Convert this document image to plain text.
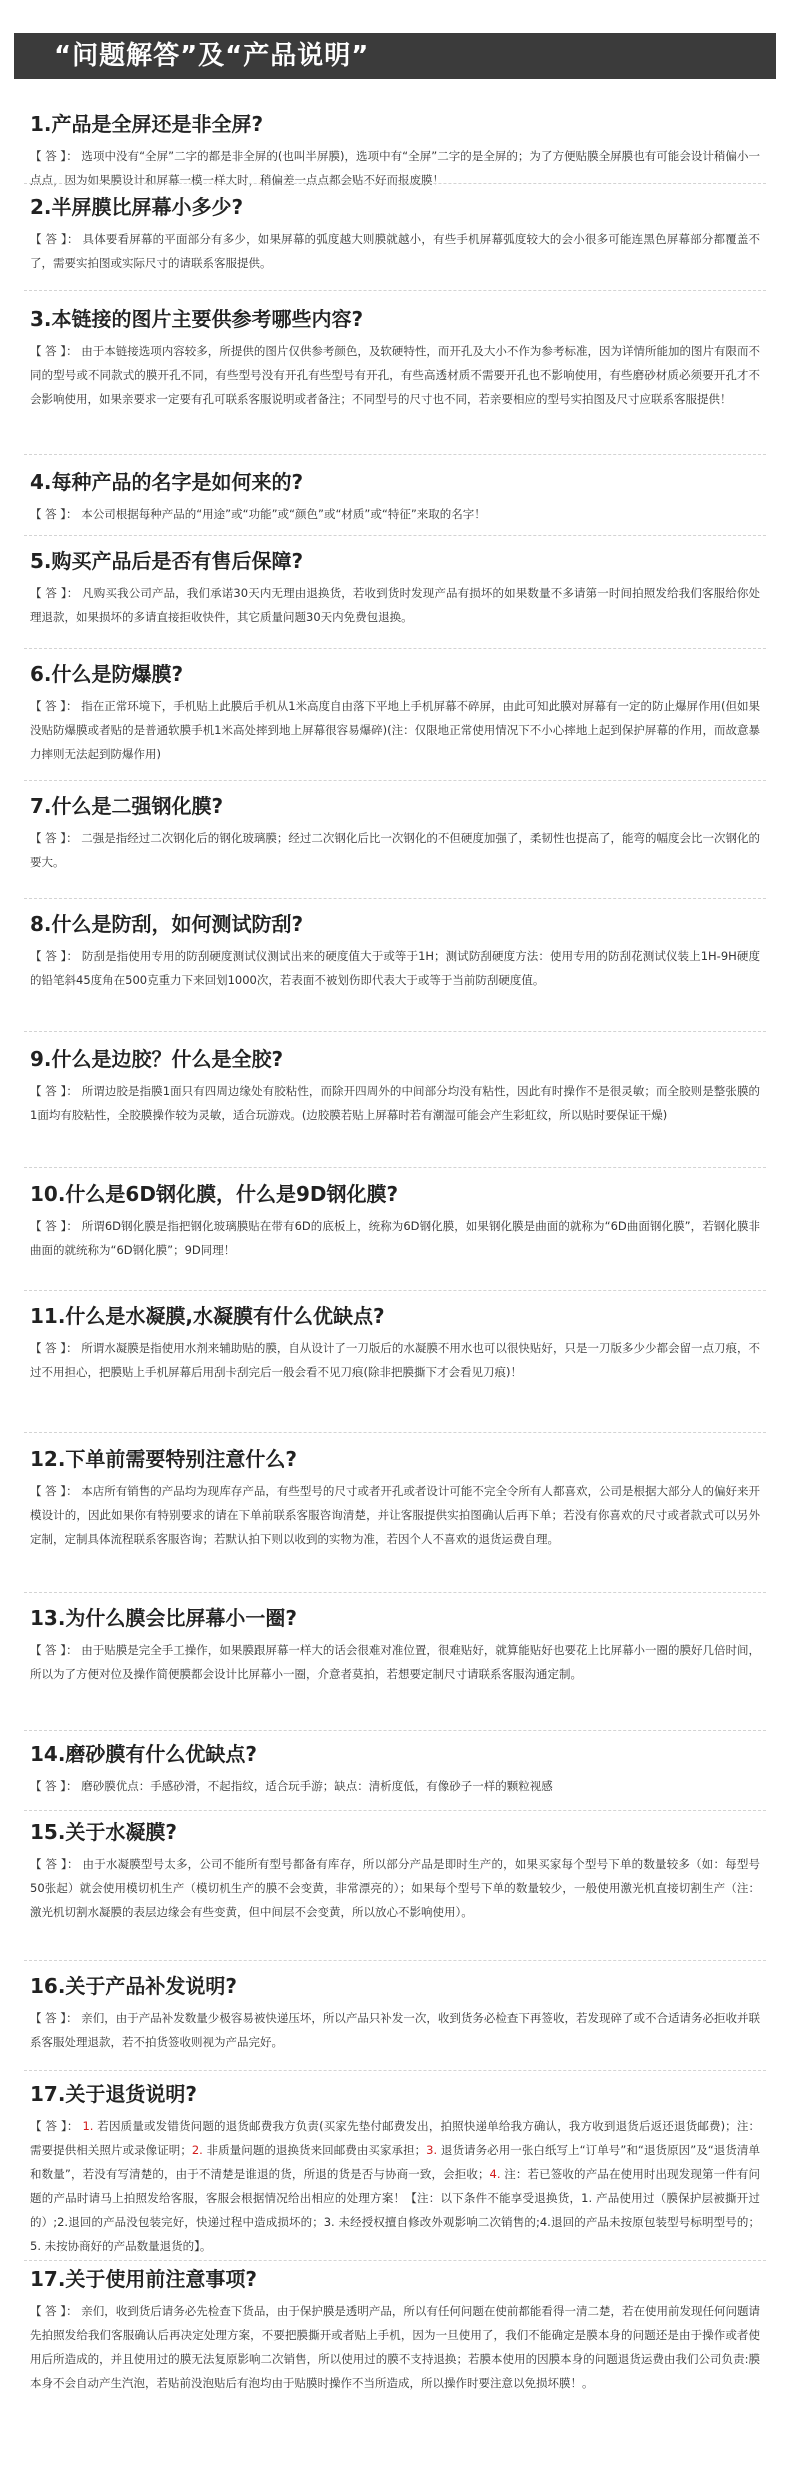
“问题解答”及“产品说明”
1.产品是全屏还是非全屏?

【 答 】： 选项中没有“全屏”二字的都是非全屏的(也叫半屏膜)，选项中有“全屏”二字的是全屏的；为了方便贴膜全屏膜也有可能会设计稍偏小一点点，因为如果膜设计和屏幕一模一样大时，稍偏差一点点都会贴不好而报废膜！

2.半屏膜比屏幕小多少?

【 答 】： 具体要看屏幕的平面部分有多少，如果屏幕的弧度越大则膜就越小，有些手机屏幕弧度较大的会小很多可能连黑色屏幕部分都覆盖不了，需要实拍图或实际尺寸的请联系客服提供。

3.本链接的图片主要供参考哪些内容?

【 答 】： 由于本链接选项内容较多，所提供的图片仅供参考颜色，及软硬特性，而开孔及大小不作为参考标准，因为详情所能加的图片有限而不同的型号或不同款式的膜开孔不同，有些型号没有开孔有些型号有开孔，有些高透材质不需要开孔也不影响使用，有些磨砂材质必须要开孔才不会影响使用，如果亲要求一定要有孔可联系客服说明或者备注；不同型号的尺寸也不同，若亲要相应的型号实拍图及尺寸应联系客服提供！

4.每种产品的名字是如何来的?

【 答 】： 本公司根据每种产品的“用途”或“功能”或“颜色”或“材质”或“特征”来取的名字！

5.购买产品后是否有售后保障?

【 答 】： 凡购买我公司产品，我们承诺30天内无理由退换货，若收到货时发现产品有损坏的如果数量不多请第一时间拍照发给我们客服给你处理退款，如果损坏的多请直接拒收快件，其它质量问题30天内免费包退换。

6.什么是防爆膜?

【 答 】： 指在正常环境下，手机贴上此膜后手机从1米高度自由落下平地上手机屏幕不碎屏，由此可知此膜对屏幕有一定的防止爆屏作用(但如果没贴防爆膜或者贴的是普通软膜手机1米高处摔到地上屏幕很容易爆碎)(注：仅限地正常使用情况下不小心摔地上起到保护屏幕的作用，而故意暴力摔则无法起到防爆作用)

7.什么是二强钢化膜?

【 答 】： 二强是指经过二次钢化后的钢化玻璃膜；经过二次钢化后比一次钢化的不但硬度加强了，柔韧性也提高了，能弯的幅度会比一次钢化的要大。

8.什么是防刮，如何测试防刮?

【 答 】： 防刮是指使用专用的防刮硬度测试仪测试出来的硬度值大于或等于1H；测试防刮硬度方法：使用专用的防刮花测试仪装上1H-9H硬度的铅笔斜45度角在500克重力下来回划1000次，若表面不被划伤即代表大于或等于当前防刮硬度值。

9.什么是边胶？什么是全胶?

【 答 】： 所谓边胶是指膜1面只有四周边缘处有胶粘性，而除开四周外的中间部分均没有粘性，因此有时操作不是很灵敏；而全胶则是整张膜的1面均有胶粘性，全胶膜操作较为灵敏，适合玩游戏。(边胶膜若贴上屏幕时若有潮湿可能会产生彩虹纹，所以贴时要保证干燥)

10.什么是6D钢化膜，什么是9D钢化膜?

【 答 】： 所谓6D钢化膜是指把钢化玻璃膜贴在带有6D的底板上，统称为6D钢化膜，如果钢化膜是曲面的就称为“6D曲面钢化膜”，若钢化膜非曲面的就统称为“6D钢化膜”；9D同理！

11.什么是水凝膜,水凝膜有什么优缺点?

【 答 】： 所谓水凝膜是指使用水剂来辅助贴的膜，自从设计了一刀版后的水凝膜不用水也可以很快贴好，只是一刀版多少少都会留一点刀痕，不过不用担心，把膜贴上手机屏幕后用刮卡刮完后一般会看不见刀痕(除非把膜撕下才会看见刀痕)！

12.下单前需要特别注意什么?

【 答 】： 本店所有销售的产品均为现库存产品，有些型号的尺寸或者开孔或者设计可能不完全令所有人都喜欢，公司是根据大部分人的偏好来开模设计的，因此如果你有特别要求的请在下单前联系客服咨询清楚，并让客服提供实拍图确认后再下单；若没有你喜欢的尺寸或者款式可以另外定制，定制具体流程联系客服咨询；若默认拍下则以收到的实物为准，若因个人不喜欢的退货运费自理。

13.为什么膜会比屏幕小一圈?

【 答 】： 由于贴膜是完全手工操作，如果膜跟屏幕一样大的话会很难对准位置，很难贴好，就算能贴好也要花上比屏幕小一圈的膜好几倍时间，所以为了方便对位及操作简便膜都会设计比屏幕小一圈，介意者莫拍，若想要定制尺寸请联系客服沟通定制。

14.磨砂膜有什么优缺点?

【 答 】： 磨砂膜优点：手感砂滑，不起指纹，适合玩手游；缺点：清析度低，有像砂子一样的颗粒视感

15.关于水凝膜?

【 答 】： 由于水凝膜型号太多，公司不能所有型号都备有库存，所以部分产品是即时生产的，如果买家每个型号下单的数量较多（如：每型号50张起）就会使用模切机生产（模切机生产的膜不会变黄，非常漂亮的）；如果每个型号下单的数量较少，一般使用激光机直接切割生产（注：激光机切割水凝膜的表层边缘会有些变黄，但中间层不会变黄，所以放心不影响使用）。

16.关于产品补发说明?

【 答 】： 亲们，由于产品补发数量少极容易被快递压坏，所以产品只补发一次，收到货务必检查下再签收，若发现碎了或不合适请务必拒收并联系客服处理退款，若不拍货签收则视为产品完好。

17.关于退货说明?

【 答 】： 1. 若因质量或发错货问题的退货邮费我方负责(买家先垫付邮费发出，拍照快递单给我方确认，我方收到退货后返还退货邮费)；注：需要提供相关照片或录像证明；2. 非质量问题的退换货来回邮费由买家承担；3. 退货请务必用一张白纸写上“订单号”和“退货原因”及“退货清单和数量”，若没有写清楚的，由于不清楚是谁退的货，所退的货是否与协商一致，会拒收；4. 注：若已签收的产品在使用时出现发现第一件有问题的产品时请马上拍照发给客服，客服会根据情况给出相应的处理方案！【注：以下条件不能享受退换货，1. 产品使用过（膜保护层被撕开过的）;2.退回的产品没包装完好，快递过程中造成损坏的；3. 未经授权擅自修改外观影响二次销售的;4.退回的产品未按原包装型号标明型号的；5. 未按协商好的产品数量退货的】。

17.关于使用前注意事项?

【 答 】： 亲们，收到货后请务必先检查下货品，由于保护膜是透明产品，所以有任何问题在使前都能看得一清二楚，若在使用前发现任何问题请先拍照发给我们客服确认后再决定处理方案，不要把膜撕开或者贴上手机，因为一旦使用了，我们不能确定是膜本身的问题还是由于操作或者使用后所造成的，并且使用过的膜无法复原影响二次销售，所以使用过的膜不支持退换；若膜本使用的因膜本身的问题退货运费由我们公司负责:膜本身不会自动产生汽泡，若贴前没泡贴后有泡均由于贴膜时操作不当所造成，所以操作时要注意以免损坏膜！。
